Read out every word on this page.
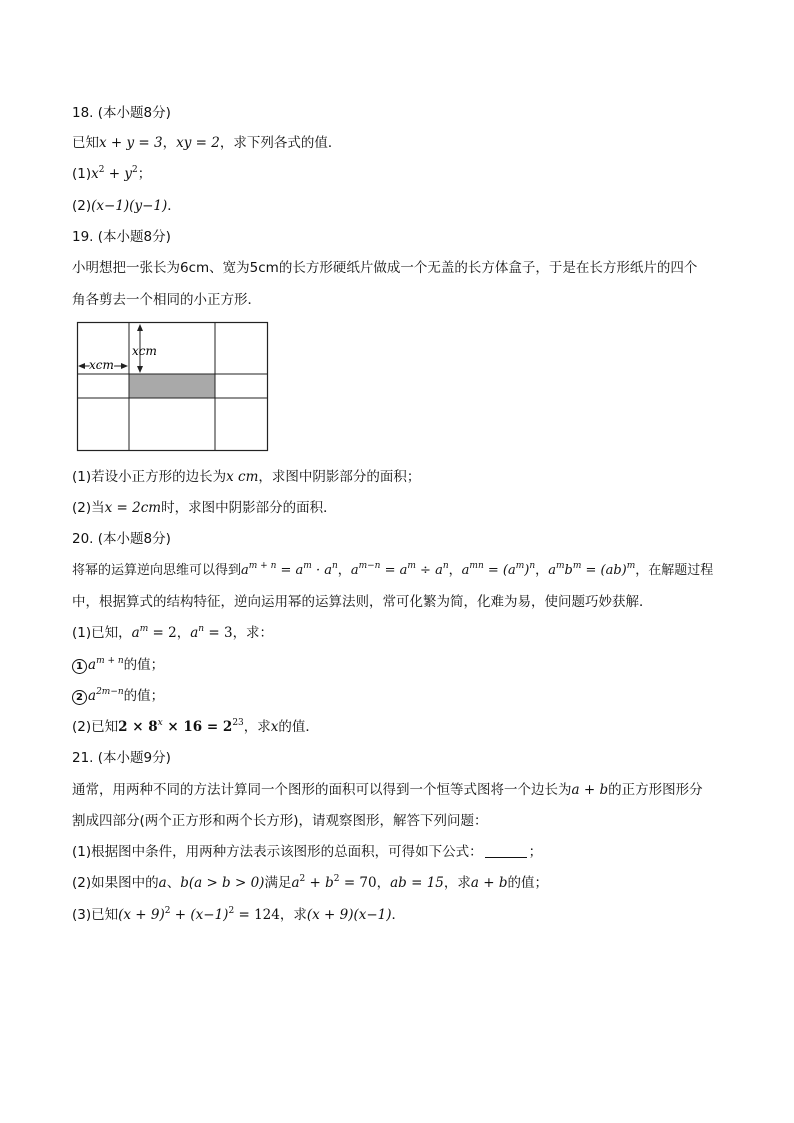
18. (本小题8分)
已知x + y = 3，xy = 2，求下列各式的值．
$(1)x^2 + y^2$；
(2)(x−1)(y−1)．
19. (本小题8分)
小明想把一张长为6cm、宽为5cm的长方形硬纸片做成一个无盖的长方体盒子，于是在长方形纸片的四个
角各剪去一个相同的小正方形．
xcm
xcm
(1)若设小正方形的边长为x cm，求图中阴影部分的面积；
(2)当x = 2cm时，求图中阴影部分的面积．
20. (本小题8分)
将幂的运算逆向思维可以得到$a^{m + n} = a^m \cdot a^n$，$a^{m-n} = a^m \div a^n$，$a^{mn} = (a^m)^n$，$a^mb^m = (ab)^m$，在解题过程
中，根据算式的结构特征，逆向运用幂的运算法则，常可化繁为简，化难为易，使问题巧妙获解．
(1)已知，$a^m = 2$，$a^n = 3$，求：
1 $a^{m + n}$的值；
2 $a^{2m-n}$的值；
(2)已知$2 \times 8^x \times 16 = 2^{23}$，求x的值．
21. (本小题9分)
通常，用两种不同的方法计算同一个图形的面积可以得到一个恒等式图将一个边长为a + b的正方形图形分
割成四部分(两个正方形和两个长方形)，请观察图形，解答下列问题：
(1)根据图中条件，用两种方法表示该图形的总面积，可得如下公式：	；
(2)如果图中的a、b(a > b > 0)满足$a^2 + b^2 = 70$，ab = 15，求a + b的值；
(3)已知$(x + 9)^2 + (x-1)^2 = 124$，求(x + 9)(x−1)．
